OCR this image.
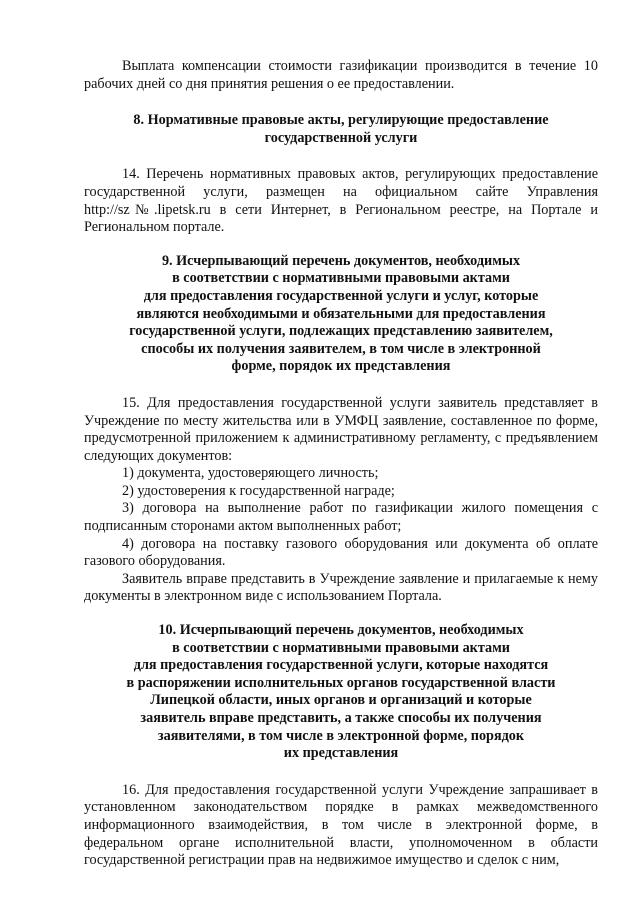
Выплата компенсации стоимости газификации производится в течение 10 рабочих дней со дня принятия решения о ее предоставлении.

8. Нормативные правовые акты, регулирующие предоставление
государственной услуги

14. Перечень нормативных правовых актов, регулирующих предоставление государственной услуги, размещен на официальном сайте Управления http://sz№.lipetsk.ru в сети Интернет, в Региональном реестре, на Портале и Региональном портале.

9. Исчерпывающий перечень документов, необходимых
в соответствии с нормативными правовыми актами
для предоставления государственной услуги и услуг, которые
являются необходимыми и обязательными для предоставления
государственной услуги, подлежащих представлению заявителем,
способы их получения заявителем, в том числе в электронной
форме, порядок их представления

15. Для предоставления государственной услуги заявитель представляет в Учреждение по месту жительства или в УМФЦ заявление, составленное по форме, предусмотренной приложением к административному регламенту, с предъявлением следующих документов:

1) документа, удостоверяющего личность;

2) удостоверения к государственной награде;

3) договора на выполнение работ по газификации жилого помещения с подписанным сторонами актом выполненных работ;

4) договора на поставку газового оборудования или документа об оплате газового оборудования.

Заявитель вправе представить в Учреждение заявление и прилагаемые к нему документы в электронном виде с использованием Портала.

10. Исчерпывающий перечень документов, необходимых
в соответствии с нормативными правовыми актами
для предоставления государственной услуги, которые находятся
в распоряжении исполнительных органов государственной власти
Липецкой области, иных органов и организаций и которые
заявитель вправе представить, а также способы их получения
заявителями, в том числе в электронной форме, порядок
их представления

16. Для предоставления государственной услуги Учреждение запрашивает в установленном законодательством порядке в рамках межведомственного информационного взаимодействия, в том числе в электронной форме, в федеральном органе исполнительной власти, уполномоченном в области государственной регистрации прав на недвижимое имущество и сделок с ним,
